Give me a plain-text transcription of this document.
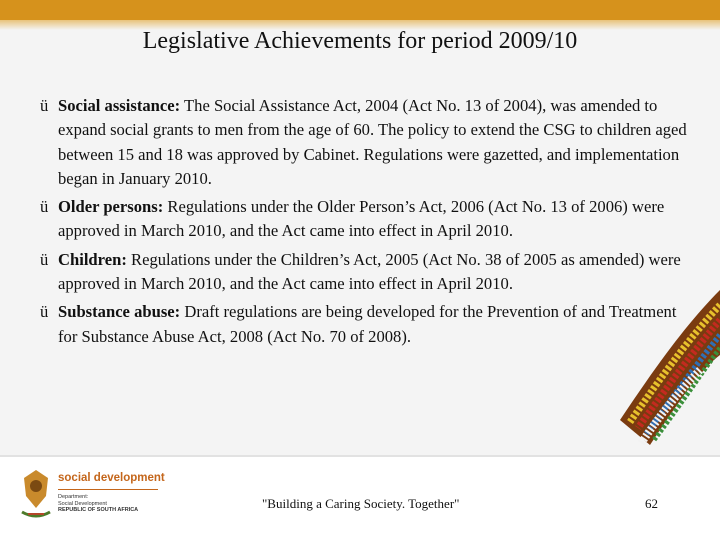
Legislative Achievements for period 2009/10
ü Social assistance: The Social Assistance Act, 2004 (Act No. 13 of 2004), was amended to expand social grants to men from the age of 60. The policy to extend the CSG to children aged between 15 and 18 was approved by Cabinet. Regulations were gazetted, and implementation began in January 2010.
ü Older persons: Regulations under the Older Person’s Act, 2006 (Act No. 13 of 2006) were approved in March 2010, and the Act came into effect in April 2010.
ü Children: Regulations under the Children’s Act, 2005 (Act No. 38 of 2005 as amended) were approved in March 2010, and the Act came into effect in April 2010.
ü Substance abuse: Draft regulations are being developed for the Prevention of and Treatment for Substance Abuse Act, 2008 (Act No. 70 of 2008).
social development
Department:
Social Development
REPUBLIC OF SOUTH AFRICA	"Building a Caring Society. Together"	62
